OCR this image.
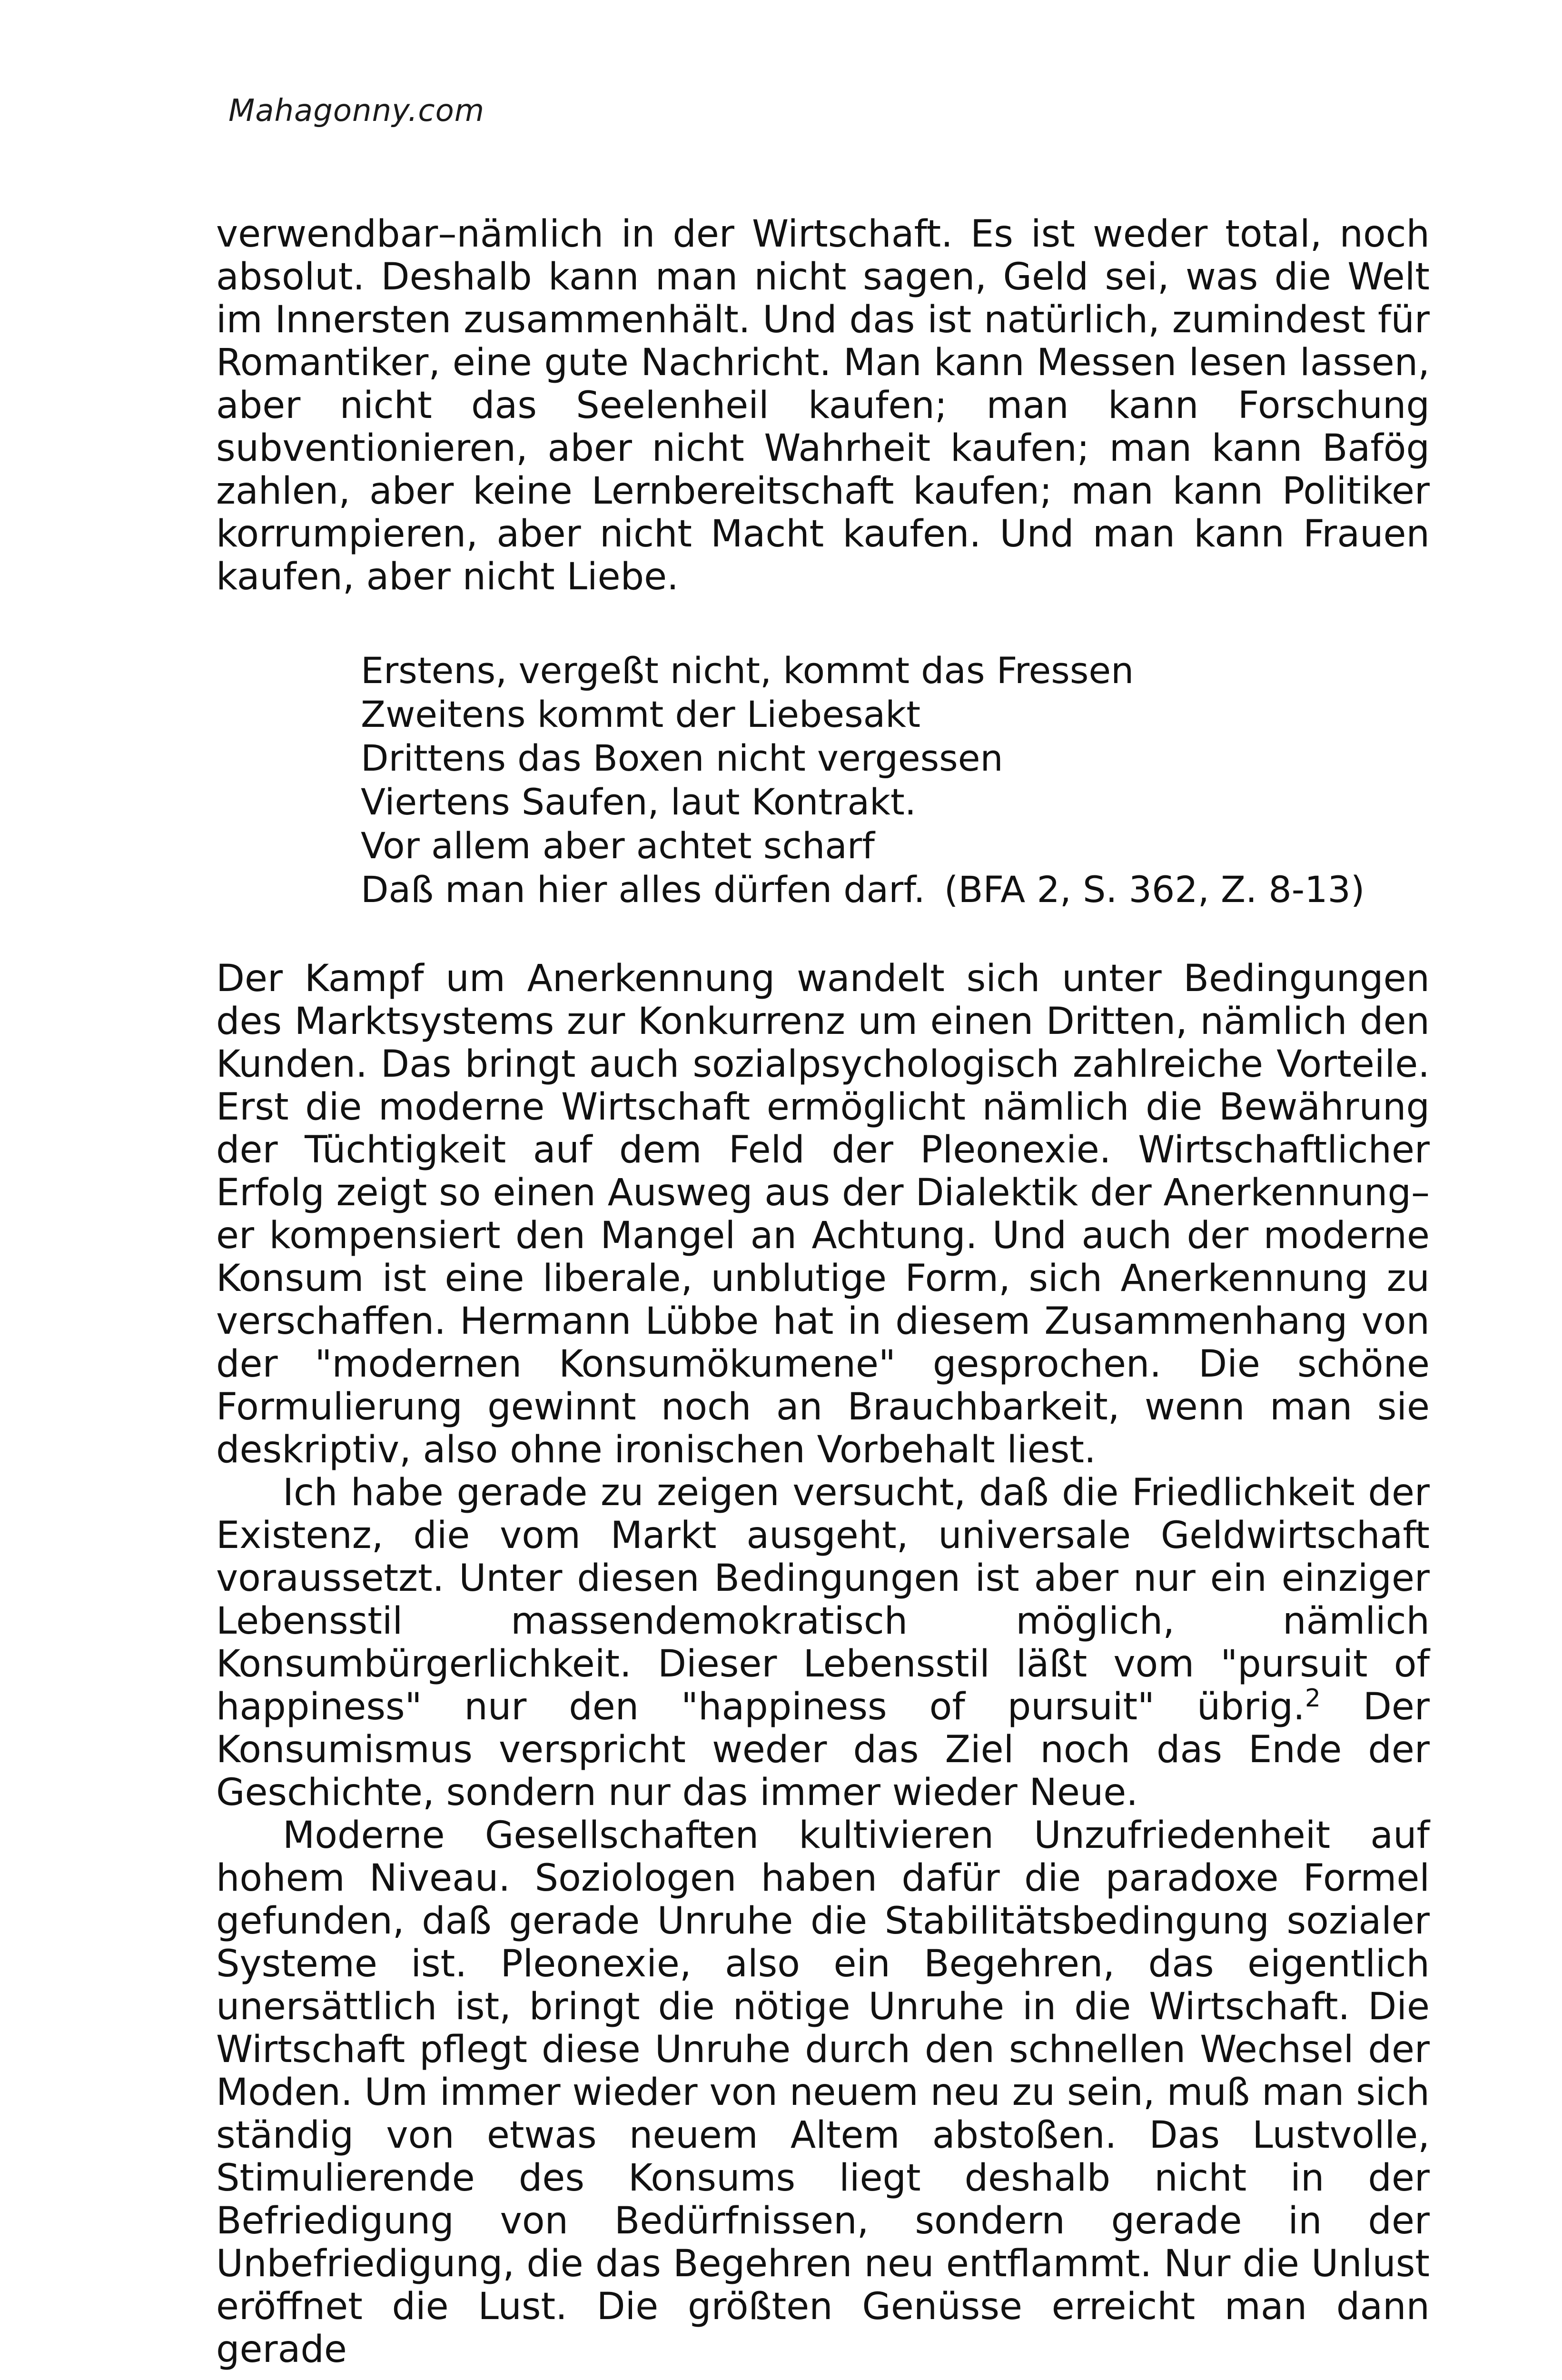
Mahagonny.com

verwendbar–nämlich in der Wirtschaft. Es ist weder total, noch absolut. Deshalb kann man nicht sagen, Geld sei, was die Welt im Innersten zusammenhält. Und das ist natürlich, zumindest für Romantiker, eine gute Nachricht. Man kann Messen lesen lassen, aber nicht das Seelenheil kaufen; man kann Forschung subventionieren, aber nicht Wahrheit kaufen; man kann Bafög zahlen, aber keine Lernbereitschaft kaufen; man kann Politiker korrumpieren, aber nicht Macht kaufen. Und man kann Frauen kaufen, aber nicht Liebe.

Erstens, vergeßt nicht, kommt das Fressen
Zweitens kommt der Liebesakt
Drittens das Boxen nicht vergessen
Viertens Saufen, laut Kontrakt.
Vor allem aber achtet scharf
Daß man hier alles dürfen darf. (BFA 2, S. 362, Z. 8-13)

Der Kampf um Anerkennung wandelt sich unter Bedingungen des Marktsystems zur Konkurrenz um einen Dritten, nämlich den Kunden. Das bringt auch sozialpsychologisch zahlreiche Vorteile. Erst die moderne Wirtschaft ermöglicht nämlich die Bewährung der Tüchtigkeit auf dem Feld der Pleonexie. Wirtschaftlicher Erfolg zeigt so einen Ausweg aus der Dialektik der Anerkennung–er kompensiert den Mangel an Achtung. Und auch der moderne Konsum ist eine liberale, unblutige Form, sich Anerkennung zu verschaffen. Hermann Lübbe hat in diesem Zusammenhang von der "modernen Konsumökumene" gesprochen. Die schöne Formulierung gewinnt noch an Brauchbarkeit, wenn man sie deskriptiv, also ohne ironischen Vorbehalt liest.

Ich habe gerade zu zeigen versucht, daß die Friedlichkeit der Existenz, die vom Markt ausgeht, universale Geldwirtschaft voraussetzt. Unter diesen Bedingungen ist aber nur ein einziger Lebensstil massendemokratisch möglich, nämlich Konsumbürgerlichkeit. Dieser Lebensstil läßt vom "pursuit of happiness" nur den "happiness of pursuit" übrig.$^2$ Der Konsumismus verspricht weder das Ziel noch das Ende der Geschichte, sondern nur das immer wieder Neue.

Moderne Gesellschaften kultivieren Unzufriedenheit auf hohem Niveau. Soziologen haben dafür die paradoxe Formel gefunden, daß gerade Unruhe die Stabilitätsbedingung sozialer Systeme ist. Pleonexie, also ein Begehren, das eigentlich unersättlich ist, bringt die nötige Unruhe in die Wirtschaft. Die Wirtschaft pflegt diese Unruhe durch den schnellen Wechsel der Moden. Um immer wieder von neuem neu zu sein, muß man sich ständig von etwas neuem Altem abstoßen. Das Lustvolle, Stimulierende des Konsums liegt deshalb nicht in der Befriedigung von Bedürfnissen, sondern gerade in der Unbefriedigung, die das Begehren neu entflammt. Nur die Unlust eröffnet die Lust. Die größten Genüsse erreicht man dann gerade
